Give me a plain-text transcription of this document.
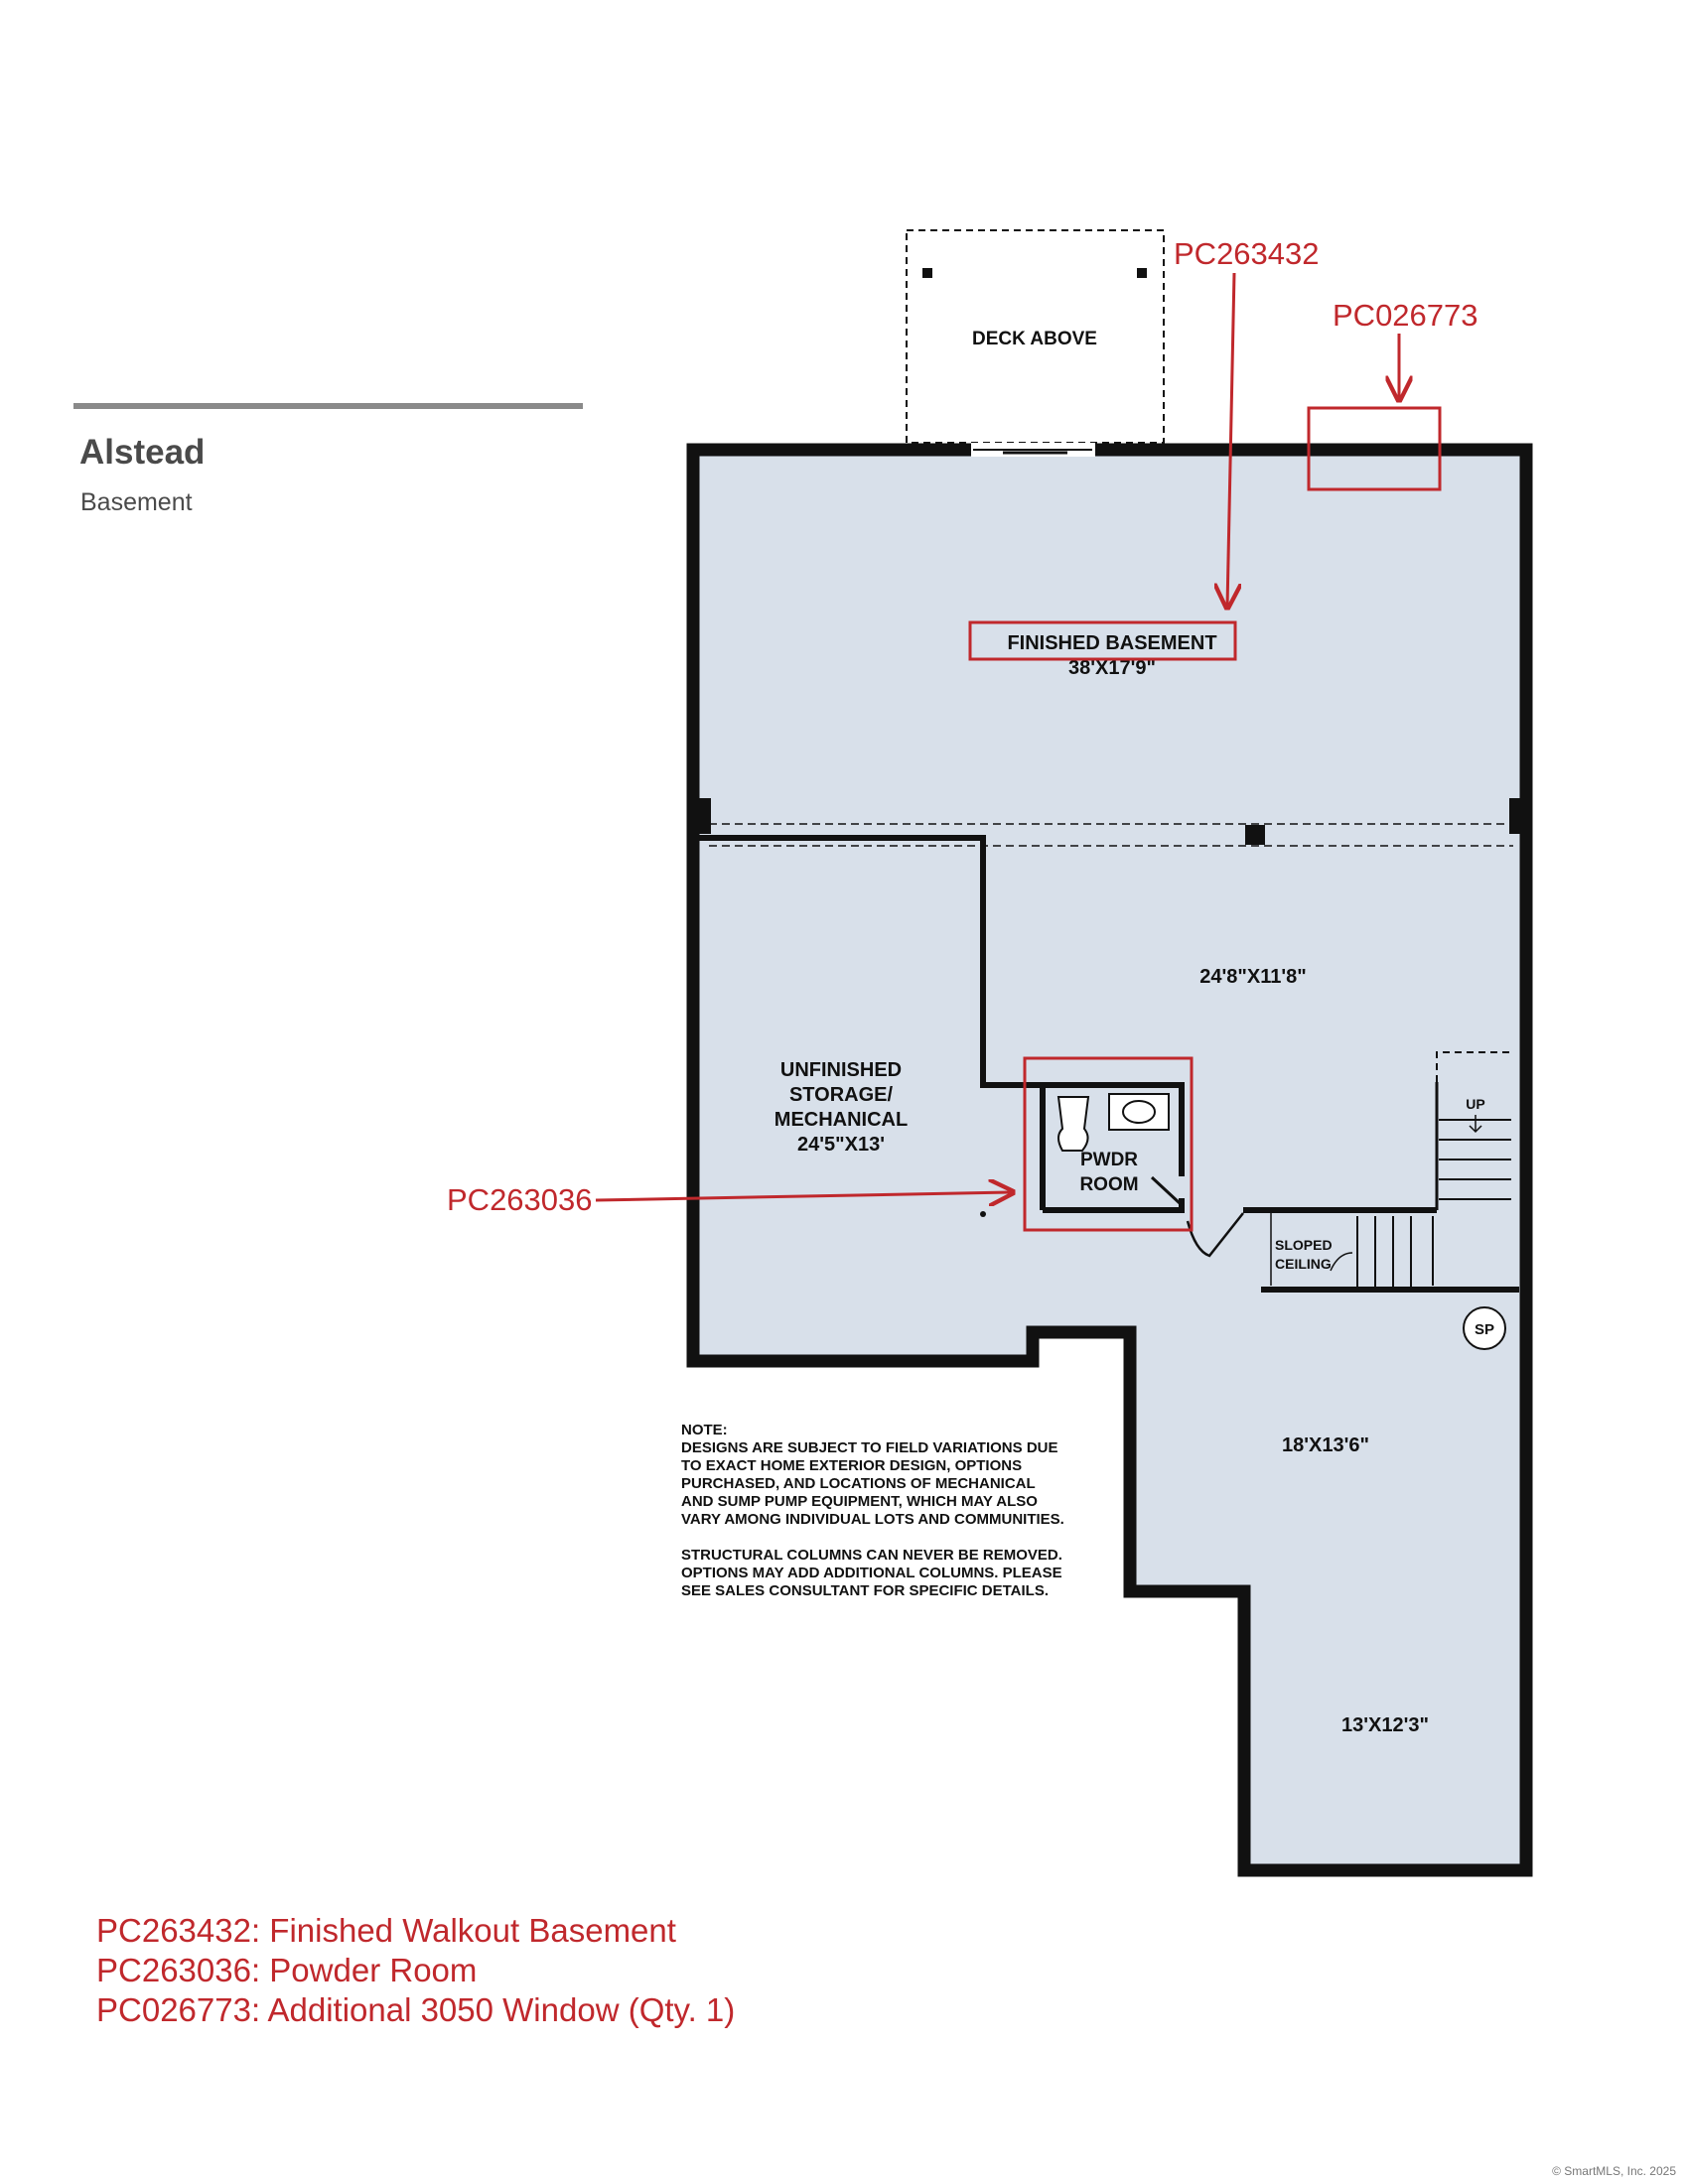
Alstead
Basement
DECK ABOVE
PWDR
ROOM
UP
SLOPED
CEILING
SP
FINISHED BASEMENT
38'X17'9"
24'8"X11'8"
UNFINISHED
STORAGE/
MECHANICAL
24'5"X13'
18'X13'6"
13'X12'3"
NOTE:
DESIGNS ARE SUBJECT TO FIELD VARIATIONS DUE
TO EXACT HOME EXTERIOR DESIGN, OPTIONS
PURCHASED, AND LOCATIONS OF MECHANICAL
AND SUMP PUMP EQUIPMENT, WHICH MAY ALSO
VARY AMONG INDIVIDUAL LOTS AND COMMUNITIES.
STRUCTURAL COLUMNS CAN NEVER BE REMOVED.
OPTIONS MAY ADD ADDITIONAL COLUMNS. PLEASE
SEE SALES CONSULTANT FOR SPECIFIC DETAILS.
PC263432
PC026773
PC263036
PC263432: Finished Walkout Basement
PC263036: Powder Room
PC026773: Additional 3050 Window (Qty. 1)
© SmartMLS, Inc. 2025
